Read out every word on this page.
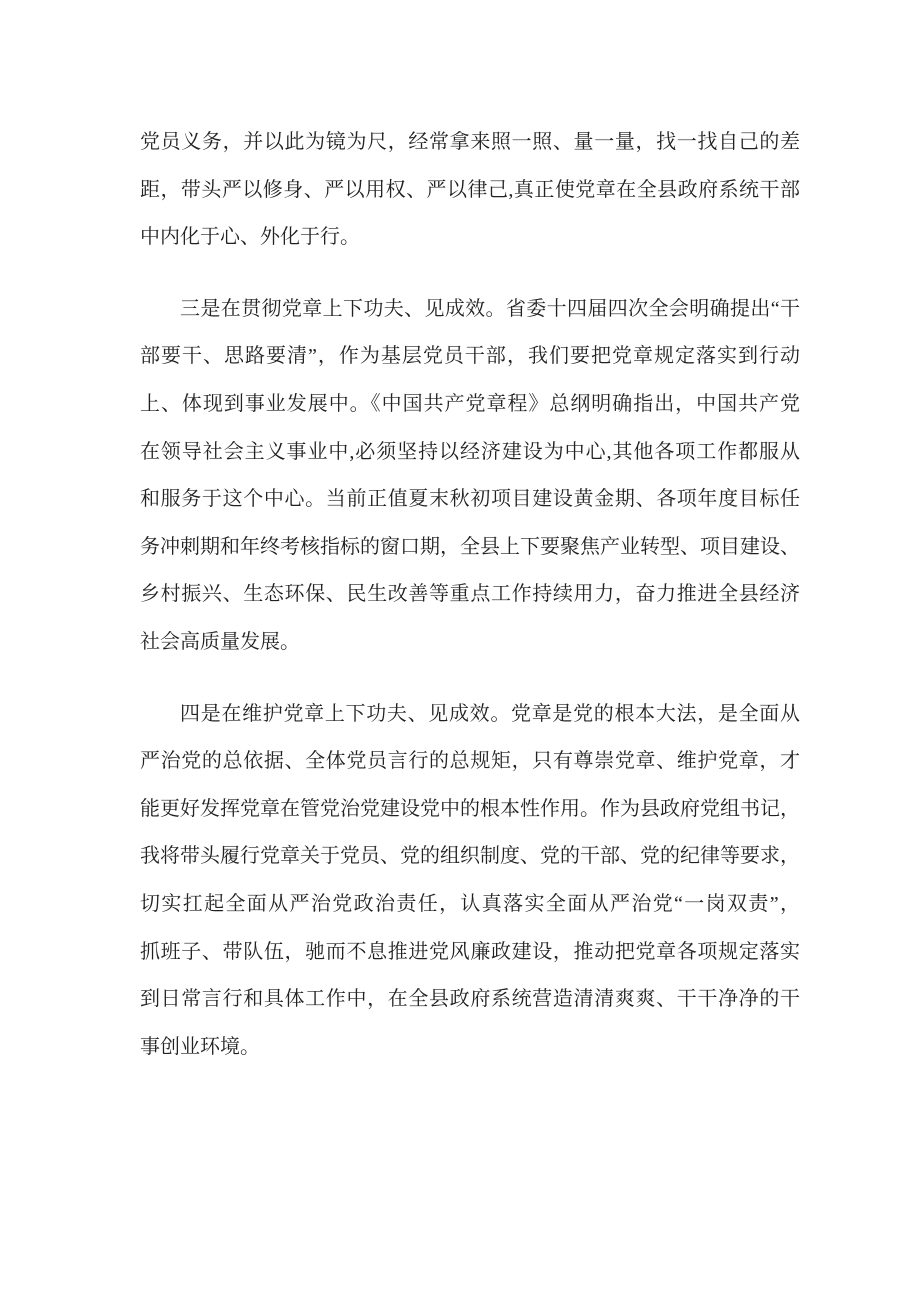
党员义务，并以此为镜为尺，经常拿来照一照、量一量，找一找自己的差
距，带头严以修身、严以用权、严以律己,真正使党章在全县政府系统干部
中内化于心、外化于行。
三是在贯彻党章上下功夫、见成效。省委十四届四次全会明确提出“干
部要干、思路要清”，作为基层党员干部，我们要把党章规定落实到行动
上、体现到事业发展中。《中国共产党章程》总纲明确指出，中国共产党
在领导社会主义事业中,必须坚持以经济建设为中心,其他各项工作都服从
和服务于这个中心。当前正值夏末秋初项目建设黄金期、各项年度目标任
务冲刺期和年终考核指标的窗口期，全县上下要聚焦产业转型、项目建设、
乡村振兴、生态环保、民生改善等重点工作持续用力，奋力推进全县经济
社会高质量发展。
四是在维护党章上下功夫、见成效。党章是党的根本大法，是全面从
严治党的总依据、全体党员言行的总规矩，只有尊崇党章、维护党章，才
能更好发挥党章在管党治党建设党中的根本性作用。作为县政府党组书记，
我将带头履行党章关于党员、党的组织制度、党的干部、党的纪律等要求，
切实扛起全面从严治党政治责任，认真落实全面从严治党“一岗双责”，
抓班子、带队伍，驰而不息推进党风廉政建设，推动把党章各项规定落实
到日常言行和具体工作中，在全县政府系统营造清清爽爽、干干净净的干
事创业环境。
